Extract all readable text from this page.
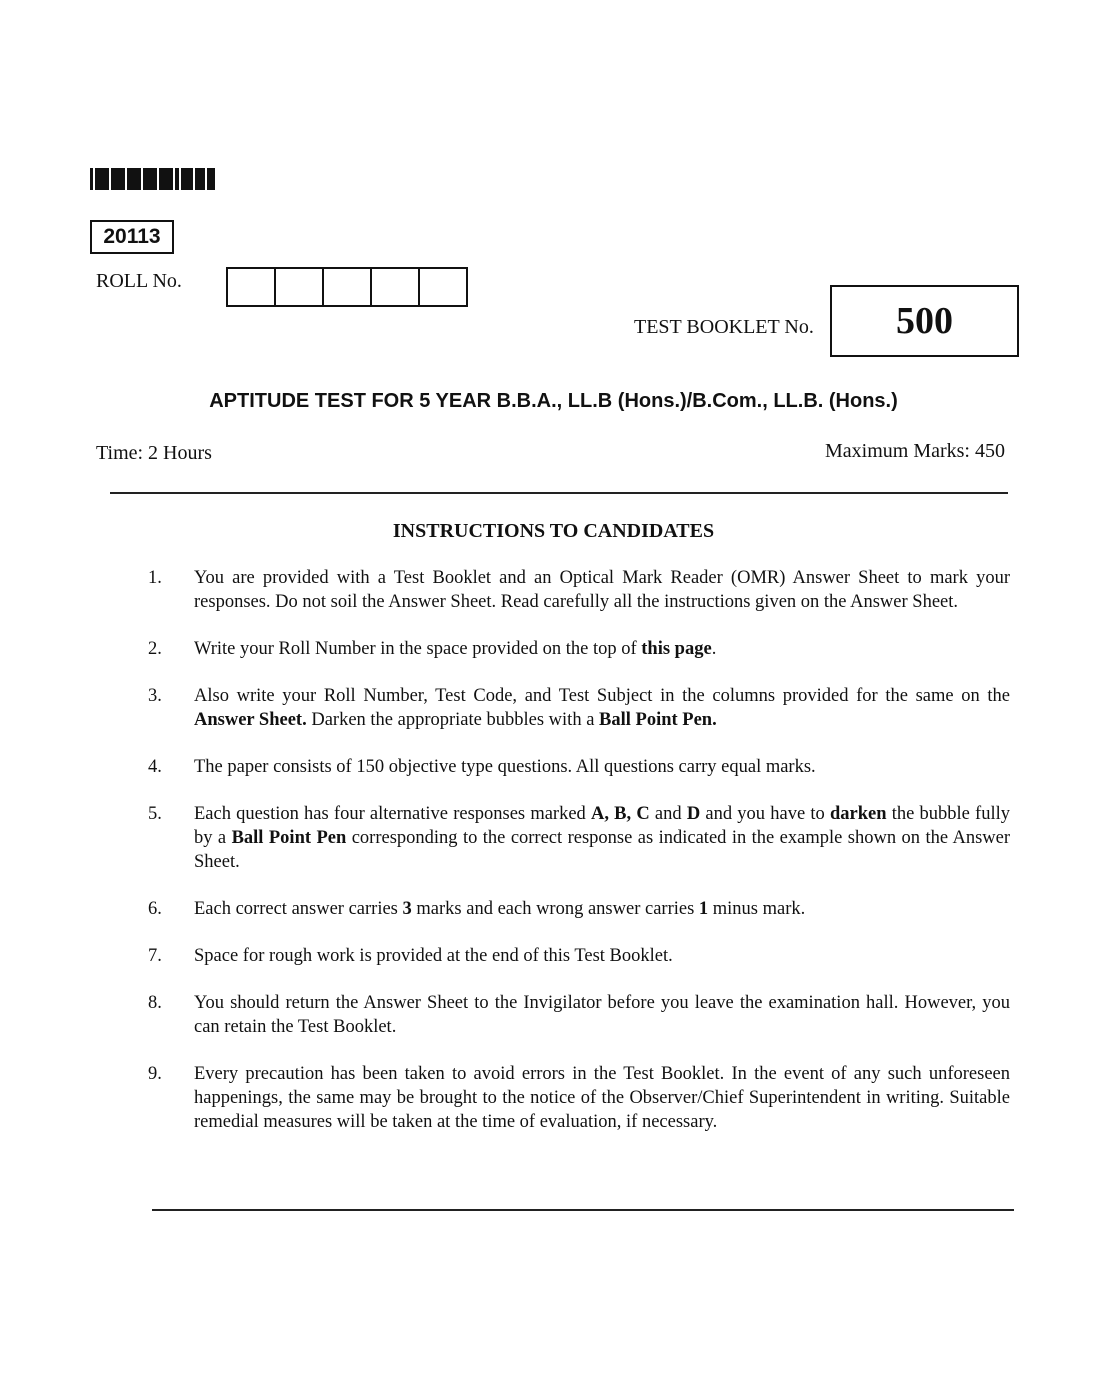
20113
ROLL No.
TEST BOOKLET No.	500
APTITUDE TEST FOR 5 YEAR B.B.A., LL.B (Hons.)/B.Com., LL.B. (Hons.)
Time: 2 Hours	Maximum Marks: 450
INSTRUCTIONS TO CANDIDATES
1.	You are provided with a Test Booklet and an Optical Mark Reader (OMR) Answer Sheet to mark your responses. Do not soil the Answer Sheet. Read carefully all the instructions given on the Answer Sheet.
2.	Write your Roll Number in the space provided on the top of this page.
3.	Also write your Roll Number, Test Code, and Test Subject in the columns provided for the same on the Answer Sheet. Darken the appropriate bubbles with a Ball Point Pen.
4.	The paper consists of 150 objective type questions. All questions carry equal marks.
5.	Each question has four alternative responses marked A, B, C and D and you have to darken the bubble fully by a Ball Point Pen corresponding to the correct response as indicated in the example shown on the Answer Sheet.
6.	Each correct answer carries 3 marks and each wrong answer carries 1 minus mark.
7.	Space for rough work is provided at the end of this Test Booklet.
8.	You should return the Answer Sheet to the Invigilator before you leave the examination hall. However, you can retain the Test Booklet.
9.	Every precaution has been taken to avoid errors in the Test Booklet. In the event of any such unforeseen happenings, the same may be brought to the notice of the Observer/Chief Superintendent in writing. Suitable remedial measures will be taken at the time of evaluation, if necessary.
